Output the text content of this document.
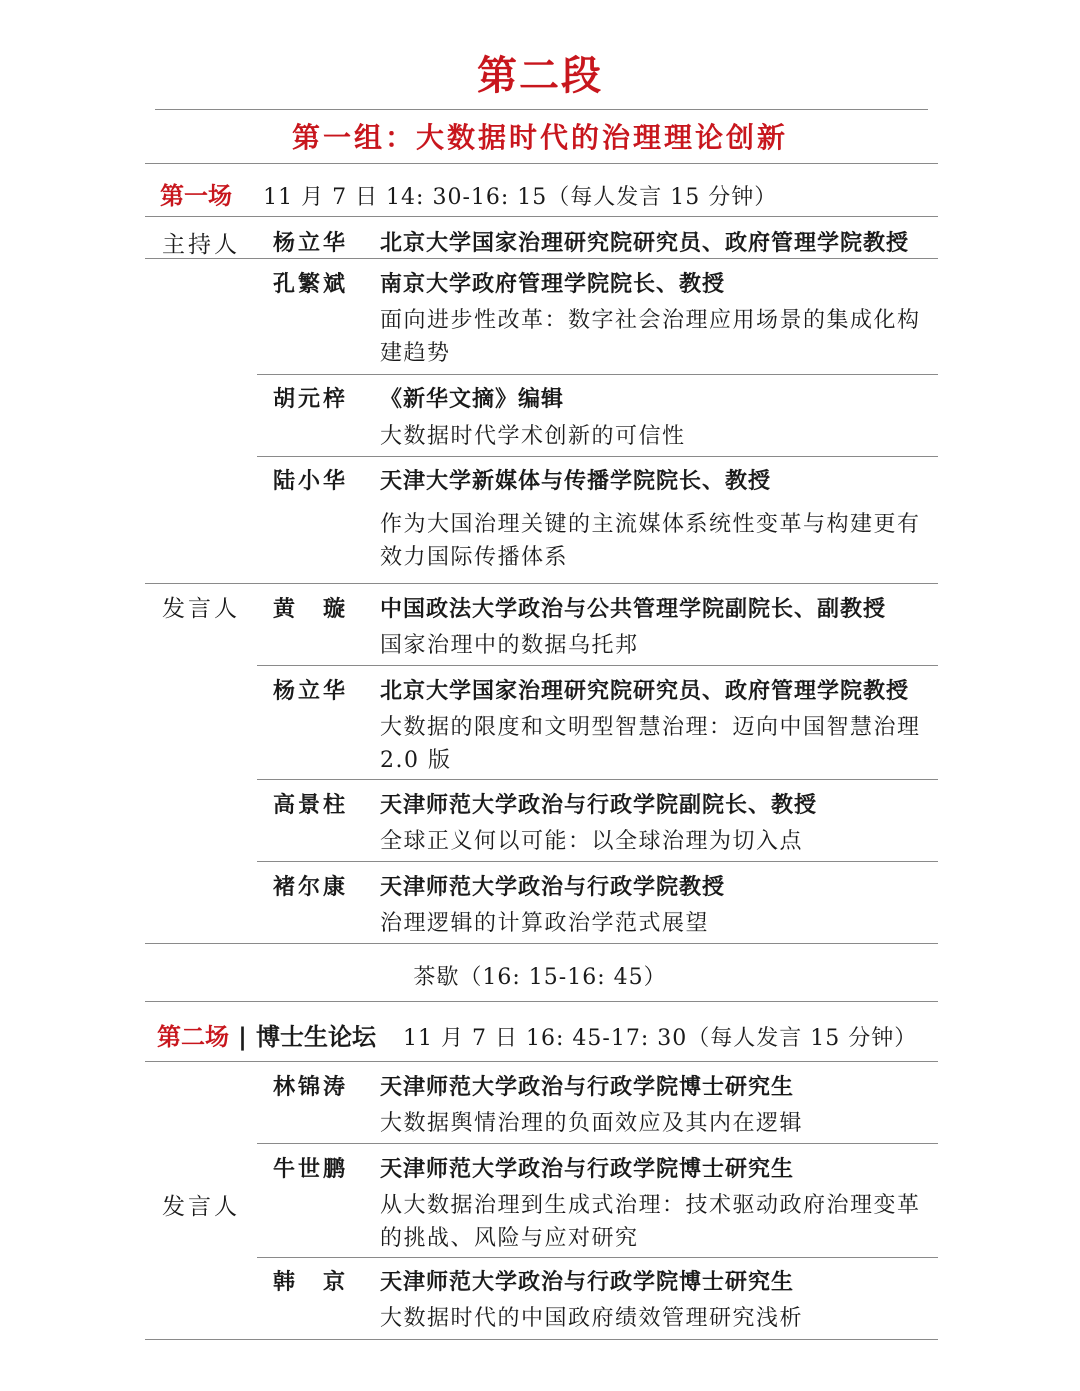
第二段
第一组：大数据时代的治理理论创新
第一场 11 月 7 日 14: 30-16: 15（每人发言 15 分钟）
主持人 杨立华 北京大学国家治理研究院研究员、政府管理学院教授
发言人
孔繁斌 南京大学政府管理学院院长、教授
面向进步性改革：数字社会治理应用场景的集成化构建趋势
胡元梓 《新华文摘》编辑
大数据时代学术创新的可信性
陆小华 天津大学新媒体与传播学院院长、教授
作为大国治理关键的主流媒体系统性变革与构建更有效力国际传播体系
黄　璇 中国政法大学政治与公共管理学院副院长、副教授
国家治理中的数据乌托邦
杨立华 北京大学国家治理研究院研究员、政府管理学院教授
大数据的限度和文明型智慧治理：迈向中国智慧治理 2.0 版
高景柱 天津师范大学政治与行政学院副院长、教授
全球正义何以可能：以全球治理为切入点
褚尔康 天津师范大学政治与行政学院教授
治理逻辑的计算政治学范式展望
茶歇（16: 15-16: 45）
第二场 | 博士生论坛 11 月 7 日 16: 45-17: 30（每人发言 15 分钟）
发言人
林锦涛 天津师范大学政治与行政学院博士研究生
大数据舆情治理的负面效应及其内在逻辑
牛世鹏 天津师范大学政治与行政学院博士研究生
从大数据治理到生成式治理：技术驱动政府治理变革的挑战、风险与应对研究
韩　京 天津师范大学政治与行政学院博士研究生
大数据时代的中国政府绩效管理研究浅析
